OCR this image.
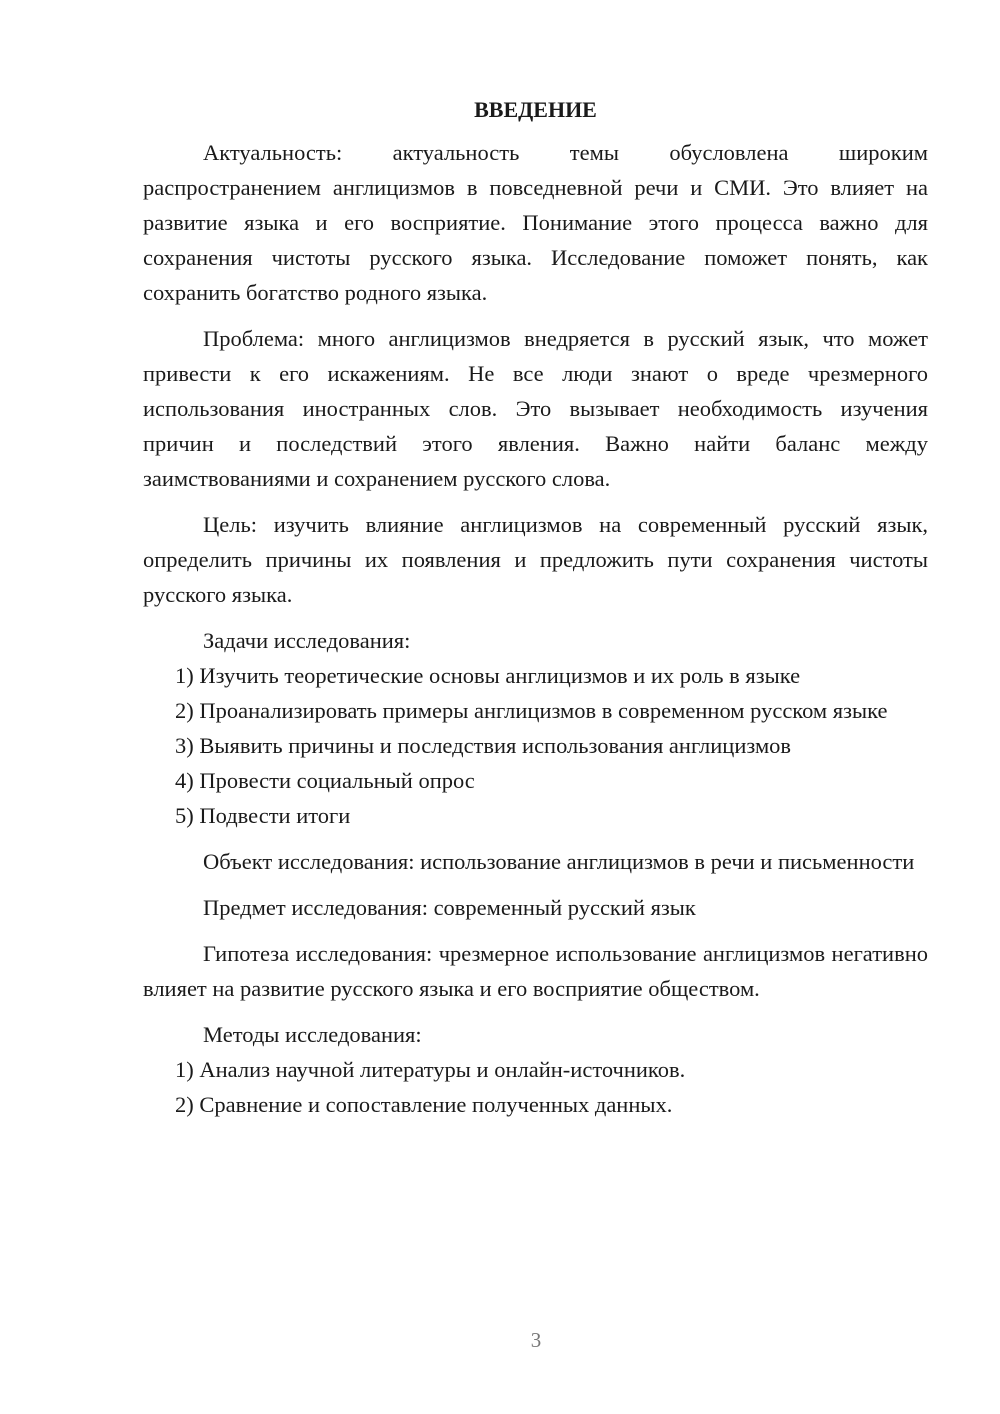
ВВЕДЕНИЕ

Актуальность: актуальность темы обусловлена широким распространением англицизмов в повседневной речи и СМИ. Это влияет на развитие языка и его восприятие. Понимание этого процесса важно для сохранения чистоты русского языка. Исследование поможет понять, как сохранить богатство родного языка.

Проблема: много англицизмов внедряется в русский язык, что может привести к его искажениям. Не все люди знают о вреде чрезмерного использования иностранных слов. Это вызывает необходимость изучения причин и последствий этого явления. Важно найти баланс между заимствованиями и сохранением русского слова.

Цель: изучить влияние англицизмов на современный русский язык, определить причины их появления и предложить пути сохранения чистоты русского языка.

Задачи исследования:

1) Изучить теоретические основы англицизмов и их роль в языке

2) Проанализировать примеры англицизмов в современном русском языке

3) Выявить причины и последствия использования англицизмов

4) Провести социальный опрос

5) Подвести итоги

Объект исследования: использование англицизмов в речи и письменности

Предмет исследования: современный русский язык

Гипотеза исследования: чрезмерное использование англицизмов негативно влияет на развитие русского языка и его восприятие обществом.

Методы исследования:

1) Анализ научной литературы и онлайн-источников.

2) Сравнение и сопоставление полученных данных.

3
